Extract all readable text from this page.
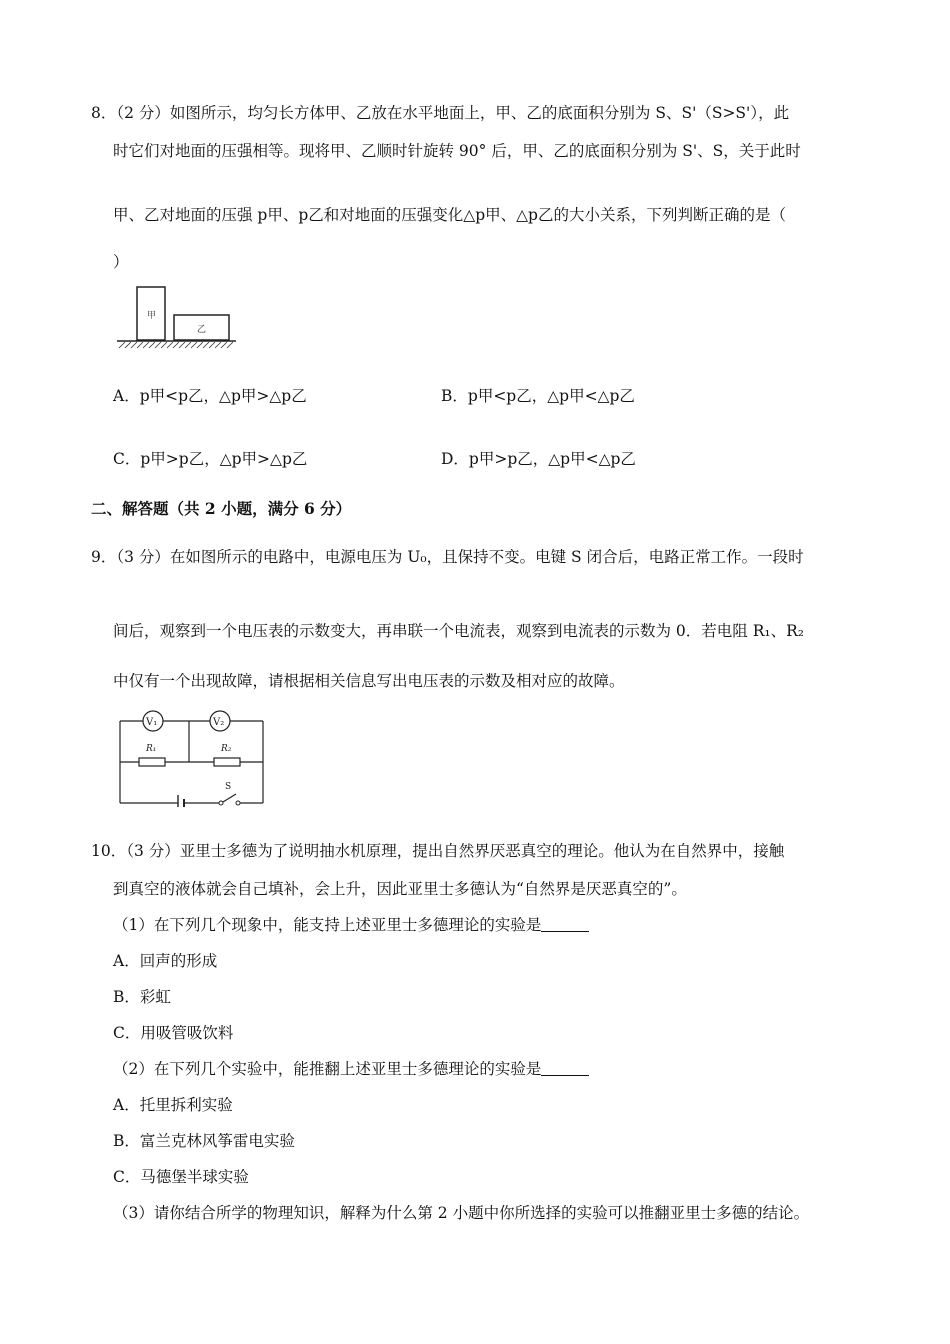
8．（2 分）如图所示，均匀长方体甲、乙放在水平地面上，甲、乙的底面积分别为 S、S'（S>S'），此
时它们对地面的压强相等。现将甲、乙顺时针旋转 90° 后，甲、乙的底面积分别为 S'、S，关于此时
甲、乙对地面的压强 p甲、p乙和对地面的压强变化△p甲、△p乙的大小关系，下列判断正确的是（
）
甲
乙
A．p甲<p乙，△p甲>△p乙	B．p甲<p乙，△p甲<△p乙
C．p甲>p乙，△p甲>△p乙	D．p甲>p乙，△p甲<△p乙
二、解答题（共 2 小题，满分 6 分）
9．（3 分）在如图所示的电路中，电源电压为 U₀，且保持不变。电键 S 闭合后，电路正常工作。一段时
间后，观察到一个电压表的示数变大，再串联一个电流表，观察到电流表的示数为 0．若电阻 R₁、R₂
中仅有一个出现故障，请根据相关信息写出电压表的示数及相对应的故障。
V₁	V₂
R₁	R₂
S
10．（3 分）亚里士多德为了说明抽水机原理，提出自然界厌恶真空的理论。他认为在自然界中，接触
到真空的液体就会自己填补，会上升，因此亚里士多德认为“自然界是厌恶真空的”。
（1）在下列几个现象中，能支持上述亚里士多德理论的实验是
A．回声的形成
B．彩虹
C．用吸管吸饮料
（2）在下列几个实验中，能推翻上述亚里士多德理论的实验是
A．托里拆利实验
B．富兰克林风筝雷电实验
C．马德堡半球实验
（3）请你结合所学的物理知识，解释为什么第 2 小题中你所选择的实验可以推翻亚里士多德的结论。
